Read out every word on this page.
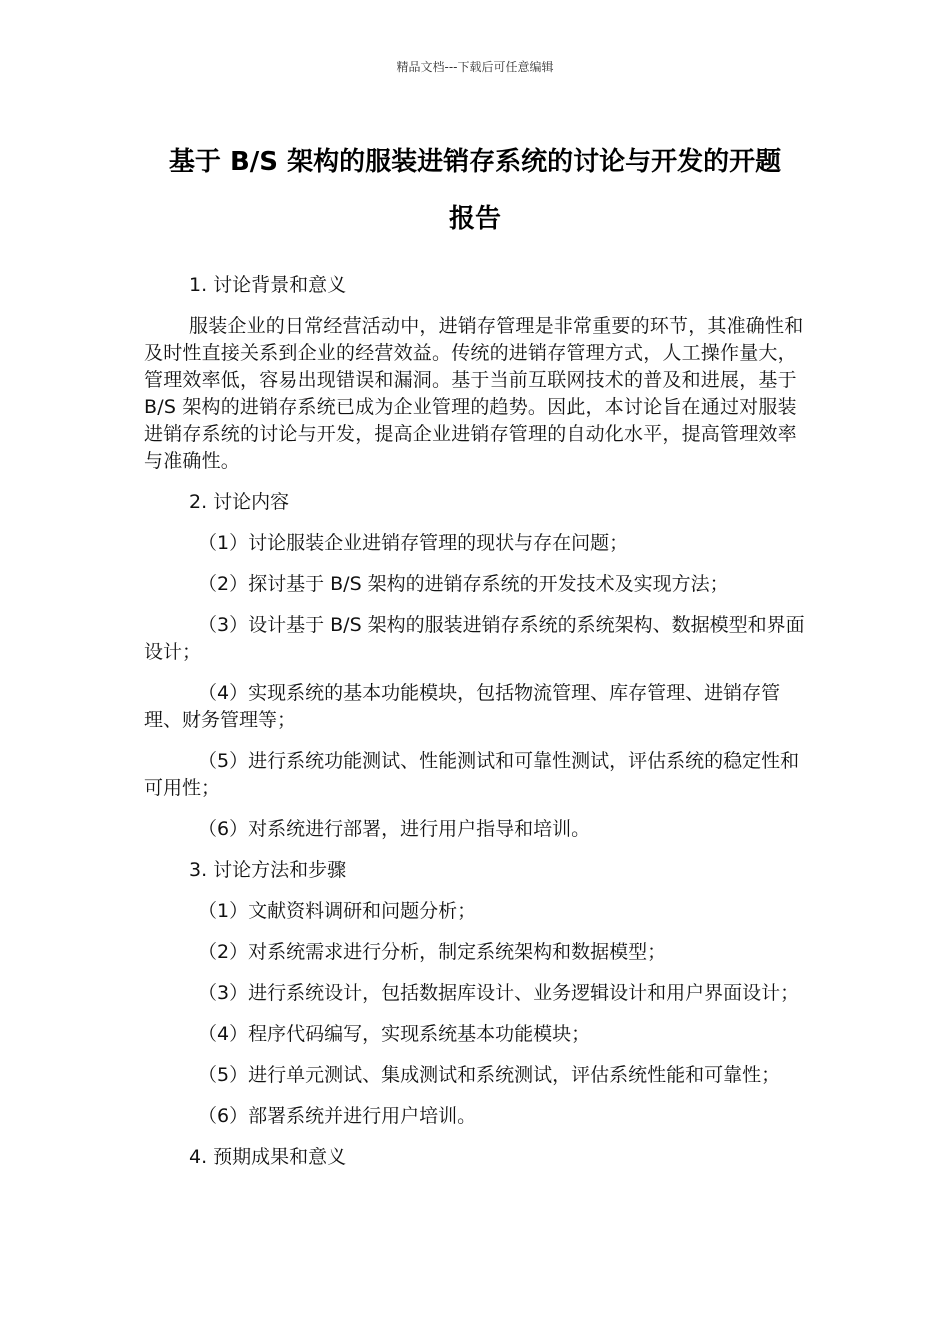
精品文档---下载后可任意编辑
基于 B/S 架构的服装进销存系统的讨论与开发的开题
报告

1. 讨论背景和意义

服装企业的日常经营活动中，进销存管理是非常重要的环节，其准确性和及时性直接关系到企业的经营效益。传统的进销存管理方式，人工操作量大，管理效率低，容易出现错误和漏洞。基于当前互联网技术的普及和进展，基于 B/S 架构的进销存系统已成为企业管理的趋势。因此，本讨论旨在通过对服装进销存系统的讨论与开发，提高企业进销存管理的自动化水平，提高管理效率与准确性。

2. 讨论内容

（1）讨论服装企业进销存管理的现状与存在问题；

（2）探讨基于 B/S 架构的进销存系统的开发技术及实现方法；

（3）设计基于 B/S 架构的服装进销存系统的系统架构、数据模型和界面设计；

（4）实现系统的基本功能模块，包括物流管理、库存管理、进销存管理、财务管理等；

（5）进行系统功能测试、性能测试和可靠性测试，评估系统的稳定性和可用性；

（6）对系统进行部署，进行用户指导和培训。

3. 讨论方法和步骤

（1）文献资料调研和问题分析；

（2）对系统需求进行分析，制定系统架构和数据模型；

（3）进行系统设计，包括数据库设计、业务逻辑设计和用户界面设计；

（4）程序代码编写，实现系统基本功能模块；

（5）进行单元测试、集成测试和系统测试，评估系统性能和可靠性；

（6）部署系统并进行用户培训。

4. 预期成果和意义
